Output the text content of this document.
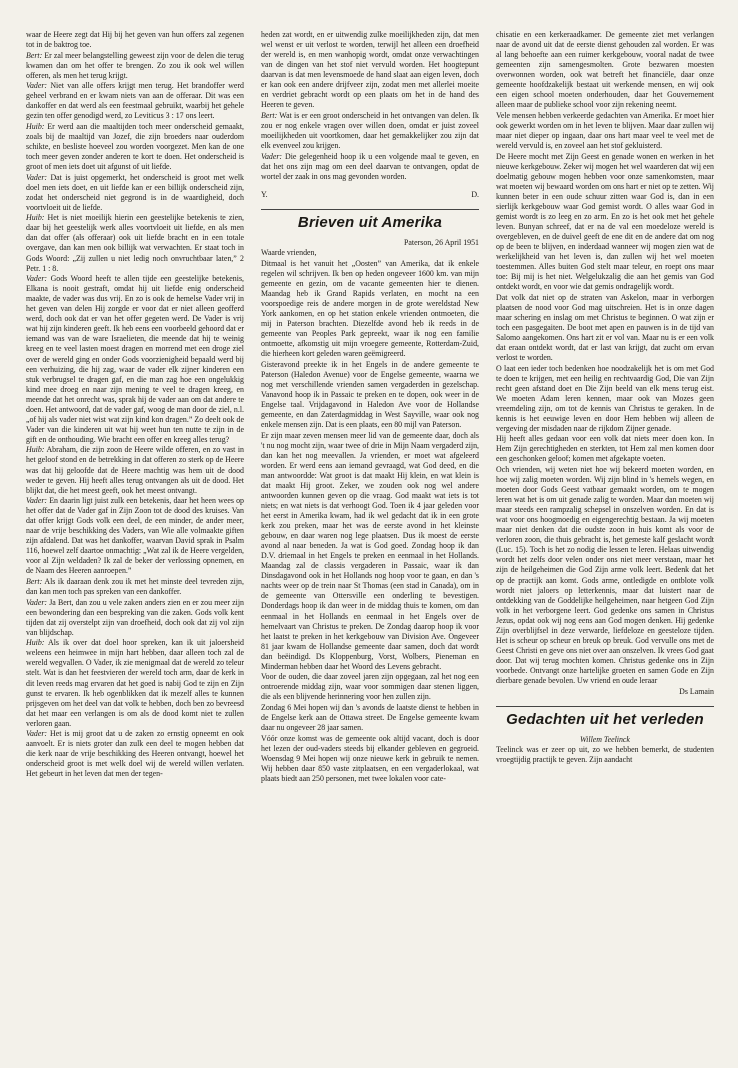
waar de Heere zegt dat Hij bij het geven van hun offers zal zegenen tot in de baktrog toe.

Bert: Er zal meer belangstelling geweest zijn voor de delen die terug kwamen dan om het offer te brengen. Zo zou ik ook wel willen offeren, als men het terug krijgt.

Vader: Niet van alle offers krijgt men terug. Het brandoffer werd geheel verbrand en er kwam niets van aan de offeraar. Dit was een dankoffer en dat werd als een feestmaal gebruikt, waarbij het gehele gezin ten offer genodigd werd, zo Leviticus 3 : 17 ons leert.

Huib: Er werd aan die maaltijden toch meer onderscheid gemaakt, zoals bij de maaltijd van Jozef, die zijn broeders naar ouderdom schikte, en besliste hoeveel zou worden voorgezet. Men kan de one toch meer geven zonder anderen te kort te doen. Het onderscheid is groot of men iets doet uit afgunst of uit liefde.

Vader: Dat is juist opgemerkt, het onderscheid is groot met welk doel men iets doet, en uit liefde kan er een billijk onderscheid zijn, zodat het onderscheid niet gegrond is in de waardigheid, doch voortvloeit uit de liefde.

Huib: Het is niet moeilijk hierin een geestelijke betekenis te zien, daar bij het geestelijk werk alles voortvloeit uit liefde, en als men dan dat offer (als offeraar) ook uit liefde bracht en in een totale overgave, dan kan men ook billijk wat verwachten. Er staat toch in Gods Woord: „Zij zullen u niet ledig noch onvruchtbaar laten,” 2 Petr. 1 : 8.

Vader: Gods Woord heeft te allen tijde een geestelijke betekenis, Elkana is nooit gestraft, omdat hij uit liefde enig onderscheid maakte, de vader was dus vrij. En zo is ook de hemelse Vader vrij in het geven van delen Hij zorgde er voor dat er niet alleen geofferd werd, doch ook dat er van het offer gegeten werd. De Vader is vrij wat hij zijn kinderen geeft. Ik heb eens een voorbeeld gehoord dat er iemand was van de ware Israelieten, die meende dat hij te weinig kreeg en te veel lasten moest dragen en morrend met een droge ziel over de wereld ging en onder Gods voorzienigheid bepaald werd bij een verhuizing, die hij zag, waar de vader elk zijner kinderen een stuk verbrugsel te dragen gaf, en die man zag hoe een ongelukkig kind mee droeg en naar zijn mening te veel te dragen kreeg, en meende dat het onrecht was, sprak hij de vader aan om dat andere te doen. Het antwoord, dat de vader gaf, woog de man door de ziel, n.l. „of hij als vader niet wist wat zijn kind kon dragen.” Zo deelt ook de Vader van die kinderen uit wat hij weet hun ten nutte te zijn in de gift en de onthouding. Wie bracht een offer en kreeg alles terug?

Huib: Abraham, die zijn zoon de Heere wilde offeren, en zo vast in het geloof stond en de betrekking in dat offeren zo sterk op de Heere was dat hij geloofde dat de Heere machtig was hem uit de dood weder te geven. Hij heeft alles terug ontvangen als uit de dood. Het blijkt dat, die het meest geeft, ook het meest ontvangt.

Vader: En daarin ligt juist zulk een betekenis, daar het heen wees op het offer dat de Vader gaf in Zijn Zoon tot de dood des kruises. Van dat offer krijgt Gods volk een deel, de een minder, de ander meer, naar de vrije beschikking des Vaders, van Wie alle volmaakte giften zijn afdalend. Dat was het dankoffer, waarvan David sprak in Psalm 116, hoewel zelf daartoe onmachtig: „Wat zal ik de Heere vergelden, voor al Zijn weldaden? Ik zal de beker der verlossing opnemen, en de Naam des Heeren aanroepen.”

Bert: Als ik daaraan denk zou ik met het minste deel tevreden zijn, dan kan men toch pas spreken van een dankoffer.

Vader: Ja Bert, dan zou u vele zaken anders zien en er zou meer zijn een bewondering dan een bespreking van die zaken. Gods volk kent tijden dat zij overstelpt zijn van droefheid, doch ook dat zij vol zijn van blijdschap.

Huib: Als ik over dat doel hoor spreken, kan ik uit jaloersheid weleens een heimwee in mijn hart hebben, daar alleen toch zal de wereld wegvallen. O Vader, ik zie menigmaal dat de wereld zo teleur stelt. Wat is dan het feestvieren der wereld toch arm, daar de kerk in dit leven reeds mag ervaren dat het goed is nabij God te zijn en Zijn gunst te ervaren. Ik heb ogenblikken dat ik mezelf alles te kunnen prijsgeven om het deel van dat volk te hebben, doch ben zo bevreesd dat het maar een verlangen is om als de dood komt niet te zullen verloren gaan.

Vader: Het is mij groot dat u de zaken zo ernstig opneemt en ook aanvoelt. Er is niets groter dan zulk een deel te mogen hebben dat die kerk naar de vrije beschikking des Heeren ontvangt, hoewel het onderscheid groot is met welk doel wij de wereld willen verlaten. Het gebeurt in het leven dat men der tegen-

heden zat wordt, en er uitwendig zulke moeilijkheden zijn, dat men wel wenst er uit verlost te worden, terwijl het alleen een droefheid der wereld is, en men wanhopig wordt, omdat onze verwachtingen van de dingen van het stof niet vervuld worden. Het hoogtepunt daarvan is dat men levensmoede de hand slaat aan eigen leven, doch er kan ook een andere drijfveer zijn, zodat men met allerlei moeite en verdriet gebracht wordt op een plaats om het in de hand des Heeren te geven.

Bert: Wat is er een groot onderscheid in het ontvangen van delen. Ik zou er nog enkele vragen over willen doen, omdat er juist zoveel moeilijkheden uit voortkomen, daar het gemakkelijker zou zijn dat elk evenveel zou krijgen.

Vader: Die gelegenheid hoop ik u een volgende maal te geven, en dat het ons zijn mag om een deel daarvan te ontvangen, opdat de wortel der zaak in ons mag gevonden worden.

Y.	D.
Brieven uit Amerika

Paterson, 26 April 1951

Waarde vrienden,

Ditmaal is het vanuit het „Oosten” van Amerika, dat ik enkele regelen wil schrijven. Ik ben op heden ongeveer 1600 km. van mijn gemeente en gezin, om de vacante gemeenten hier te dienen. Maandag heb ik Grand Rapids verlaten, en mocht na een voorspoedige reis de andere morgen in de grote wereldstad New York aankomen, en op het station enkele vrienden ontmoeten, die mij in Paterson brachten. Diezelfde avond heb ik reeds in de gemeente van Peoples Park gepreekt, waar ik nog een familie ontmoette, afkomstig uit mijn vroegere gemeente, Rotterdam-Zuid, die hierheen kort geleden waren geëmigreerd.

Gisteravond preekte ik in het Engels in de andere gemeente te Paterson (Haledon Avenue) voor de Engelse gemeente, waarna we nog met verschillende vrienden samen vergaderden in gezelschap. Vanavond hoop ik in Passaic te preken en te dopen, ook weer in de Engelse taal. Vrijdagavond in Haledon Ave voor de Hollandse gemeente, en dan Zaterdagmiddag in West Sayville, waar ook nog enkele mensen zijn. Dat is een plaats, een 80 mijl van Paterson.

Er zijn maar zeven mensen meer lid van de gemeente daar, doch als 't nu nog mocht zijn, waar twee of drie in Mijn Naam vergaderd zijn, dan kan het nog meevallen. Ja vrienden, er moet wat afgeleerd worden. Er werd eens aan iemand gevraagd, wat God deed, en die man antwoordde: Wat groot is dat maakt Hij klein, en wat klein is dat maakt Hij groot. Zeker, we zouden ook nog wel andere antwoorden kunnen geven op die vraag. God maakt wat iets is tot niets; en wat niets is dat verhoogt God. Toen ik 4 jaar geleden voor het eerst in Amerika kwam, had ik wel gedacht dat ik in een grote kerk zou preken, maar het was de eerste avond in het kleinste gebouw, en daar waren nog lege plaatsen. Dus ik moest de eerste avond al naar beneden. Ja wat is God goed. Zondag hoop ik dan D.V. driemaal in het Engels te preken en eenmaal in het Hollands. Maandag zal de classis vergaderen in Passaic, waar ik dan Dinsdagavond ook in het Hollands nog hoop voor te gaan, en dan 's nachts weer op de trein naar St Thomas (een stad in Canada), om in de gemeente van Ottersville een onderling te bevestigen. Donderdags hoop ik dan weer in de middag thuis te komen, om dan eenmaal in het Hollands en eenmaal in het Engels over de hemelvaart van Christus te preken. De Zondag daarop hoop ik voor het laatst te preken in het kerkgebouw van Division Ave. Ongeveer 81 jaar kwam de Hollandse gemeente daar samen, doch dat wordt dan beëindigd. Ds Kloppenburg, Vorst, Wolbers, Pieneman en Minderman hebben daar het Woord des Levens gebracht.

Voor de ouden, die daar zoveel jaren zijn opgegaan, zal het nog een ontroerende middag zijn, waar voor sommigen daar stenen liggen, die als een blijvende herinnering voor hen zullen zijn.

Zondag 6 Mei hopen wij dan 's avonds de laatste dienst te hebben in de Engelse kerk aan de Ottawa street. De Engelse gemeente kwam daar nu ongeveer 28 jaar samen.

Vóór onze komst was de gemeente ook altijd vacant, doch is door het lezen der oud-vaders steeds bij elkander gebleven en gegroeid. Woensdag 9 Mei hopen wij onze nieuwe kerk in gebruik te nemen. Wij hebben daar 850 vaste zitplaatsen, en een vergaderlokaal, wat plaats biedt aan 250 personen, met twee lokalen voor cate-

chisatie en een kerkeraadkamer. De gemeente ziet met verlangen naar de avond uit dat de eerste dienst gehouden zal worden. Er was al lang behoefte aan een ruimer kerkgebouw, vooral nadat de twee gemeenten zijn samengesmolten. Grote bezwaren moesten overwonnen worden, ook wat betreft het financiële, daar onze gemeente hoofdzakelijk bestaat uit werkende mensen, en wij ook een eigen school moeten onderhouden, daar het Gouvernement alleen maar de publieke school voor zijn rekening neemt.

Vele mensen hebben verkeerde gedachten van Amerika. Er moet hier ook gewerkt worden om in het leven te blijven. Maar daar zullen wij maar niet dieper op ingaan, daar ons hart maar veel te veel met de wereld vervuld is, en zoveel aan het stof gekluisterd.

De Heere mocht met Zijn Geest en genade wonen en werken in het nieuwe kerkgebouw. Zeker wij mogen het wel waarderen dat wij een doelmatig gebouw mogen hebben voor onze samenkomsten, maar wat moeten wij bewaard worden om ons hart er niet op te zetten. Wij kunnen beter in een oude schuur zitten waar God is, dan in een sierlijk kerkgebouw waar God gemist wordt. O alles waar God in gemist wordt is zo leeg en zo arm. En zo is het ook met het gehele leven. Bunyan schreef, dat er na de val een moedeloze wereld is overgebleven, en de duivel geeft de ene dit en de andere dat om nog op de been te blijven, en inderdaad wanneer wij mogen zien wat de werkelijkheid van het leven is, dan zullen wij het wel moeten toestemmen. Alles buiten God stelt maar teleur, en roept ons maar toe: Bij mij is het niet. Welgelukzalig die aan het gemis van God ontdekt wordt, en voor wie dat gemis ondragelijk wordt.

Dat volk dat niet op de straten van Askelon, maar in verborgen plaatsen de nood voor God mag uitschreien. Het is in onze dagen maar schering en inslag om met Christus te beginnen. O wat zijn er toch een pasgegaiten. De boot met apen en pauwen is in de tijd van Salomo aangekomen. Ons hart zit er vol van. Maar nu is er een volk dat eraan ontdekt wordt, dat er last van krijgt, dat zucht om ervan verlost te worden.

O laat een ieder toch bedenken hoe noodzakelijk het is om met God te doen te krijgen, met een heilig en rechtvaardig God, Die van Zijn recht geen afstand doet en Die Zijn beeld van elk mens terug eist. We moeten Adam leren kennen, maar ook van Mozes geen vreemdeling zijn, om tot de kennis van Christus te geraken. In de kennis is het eeuwige leven en door Hem hebben wij alleen de vergeving der misdaden naar de rijkdom Zijner genade.

Hij heeft alles gedaan voor een volk dat niets meer doen kon. In Hem Zijn gerechtigheden en sterkten, tot Hem zal men komen door een geschonken geloof; komen met afgekapte voeten.

Och vrienden, wij weten niet hoe wij bekeerd moeten worden, en hoe wij zalig moeten worden. Wij zijn blind in 's hemels wegen, en moeten door Gods Geest vatbaar gemaakt worden, om te mogen leren wat het is om uit genade zalig te worden. Maar dan moeten wij maar steeds een rampzalig schepsel in onszelven worden. En dat is wat voor ons hoogmoedig en eigengerechtig bestaan. Ja wij moeten maar niet denken dat die oudste zoon in huis komt als voor de verloren zoon, die thuis gebracht is, het gemeste kalf geslacht wordt (Luc. 15). Toch is het zo nodig die lessen te leren. Helaas uitwendig wordt het zelfs door velen onder ons niet meer verstaan, maar het zijn de heilgeheimen die God Zijn arme volk leert. Bedenk dat het op de practijk aan komt. Gods arme, ontledigde en ontblote volk wordt niet jaloers op letterkennis, maar dat luistert naar de ontdekking van de Goddelijke heilgeheimen, naar hetgeen God Zijn volk in het verborgene leert. God gedenke ons samen in Christus Jezus, opdat ook wij nog eens aan God mogen denken. Hij gedenke Zijn overblijfsel in deze verwarde, liefdeloze en geesteloze tijden. Het is scheur op scheur en breuk op breuk. God vervulle ons met de Geest Christi en geve ons niet over aan onszelven. Ik vrees God gaat door. Dat wij terug mochten komen. Christus gedenke ons in Zijn voorbede. Ontvangt onze hartelijke groeten en samen Gode en Zijn dierbare genade bevolen. Uw vriend en oude leraar

Ds Lamain

Gedachten uit het verleden

Willem Teelinck

Teelinck was er zeer op uit, zo we hebben bemerkt, de studenten vroegtijdig practijk te geven. Zijn aandacht
